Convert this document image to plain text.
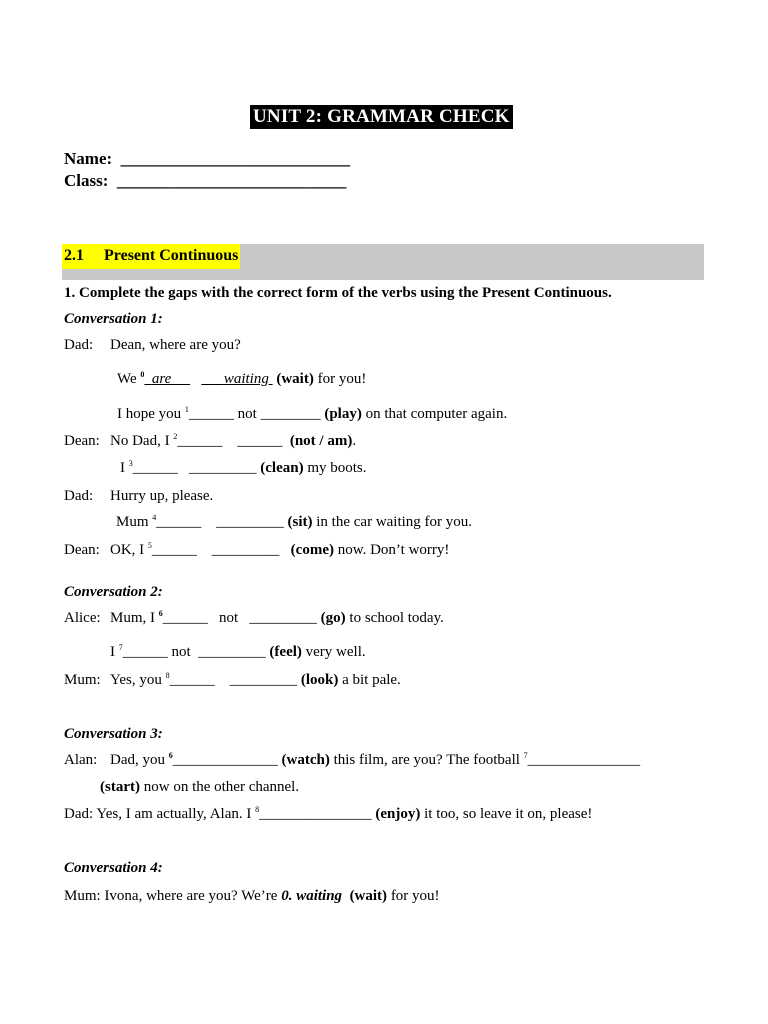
UNIT 2: GRAMMAR CHECK
Name: ___________________________
Class: ___________________________
2.1 Present Continuous
1. Complete the gaps with the correct form of the verbs using the Present Continuous.
Conversation 1:
Dad: Dean, where are you?
We $^0$ are	waiting (wait) for you!
I hope you $^1$______ not ________ (play) on that computer again.
Dean: No Dad, I $^2$______ ______ (not / am).
I $^3$______ _________ (clean) my boots.
Dad: Hurry up, please.
Mum $^4$______ _________ (sit) in the car waiting for you.
Dean: OK, I $^5$______ _________ (come) now. Don’t worry!
Conversation 2:
Alice: Mum, I $^6$______ not _________ (go) to school today.
I $^7$______ not  _________ (feel) very well.
Mum: Yes, you $^8$______ _________ (look) a bit pale.
Conversation 3:
Alan: Dad, you $^6$______________ (watch) this film, are you? The football $^7$_______________
(start) now on the other channel.
Dad: Yes, I am actually, Alan. I $^8$_______________ (enjoy) it too, so leave it on, please!
Conversation 4:
Mum: Ivona, where are you? We’re 0. waiting (wait) for you!
